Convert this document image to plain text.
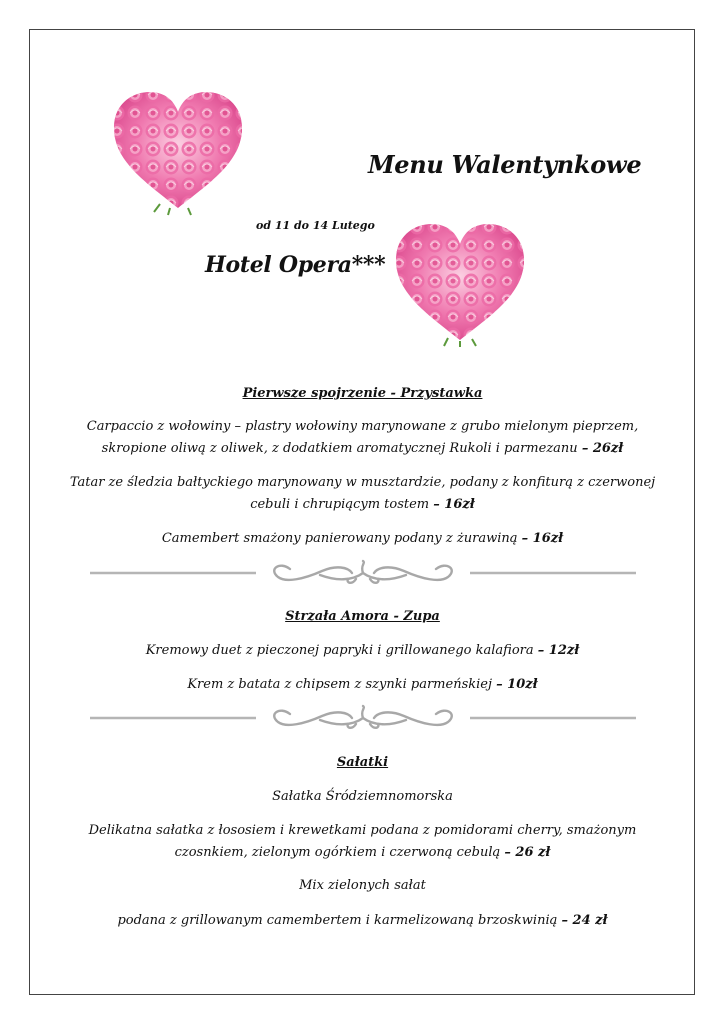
Menu Walentynkowe
od 11 do 14 Lutego
Hotel Opera***
Pierwsze spojrzenie - Przystawka
Carpaccio z wołowiny – plastry wołowiny marynowane z grubo mielonym pieprzem,
skropione oliwą z oliwek, z dodatkiem aromatycznej Rukoli i parmezanu – 26zł
Tatar ze śledzia bałtyckiego marynowany w musztardzie, podany z konfiturą z czerwonej
cebuli i chrupiącym tostem – 16zł
Camembert smażony panierowany podany z żurawiną – 16zł
Strzała Amora - Zupa
Kremowy duet z pieczonej papryki i grillowanego kalafiora – 12zł
Krem z batata z chipsem z szynki parmeńskiej – 10zł
Sałatki
Sałatka Śródziemnomorska
Delikatna sałatka z łososiem i krewetkami podana z pomidorami cherry, smażonym
czosnkiem, zielonym ogórkiem i czerwoną cebulą – 26 zł
Mix zielonych sałat
podana z grillowanym camembertem i karmelizowaną brzoskwinią – 24 zł
